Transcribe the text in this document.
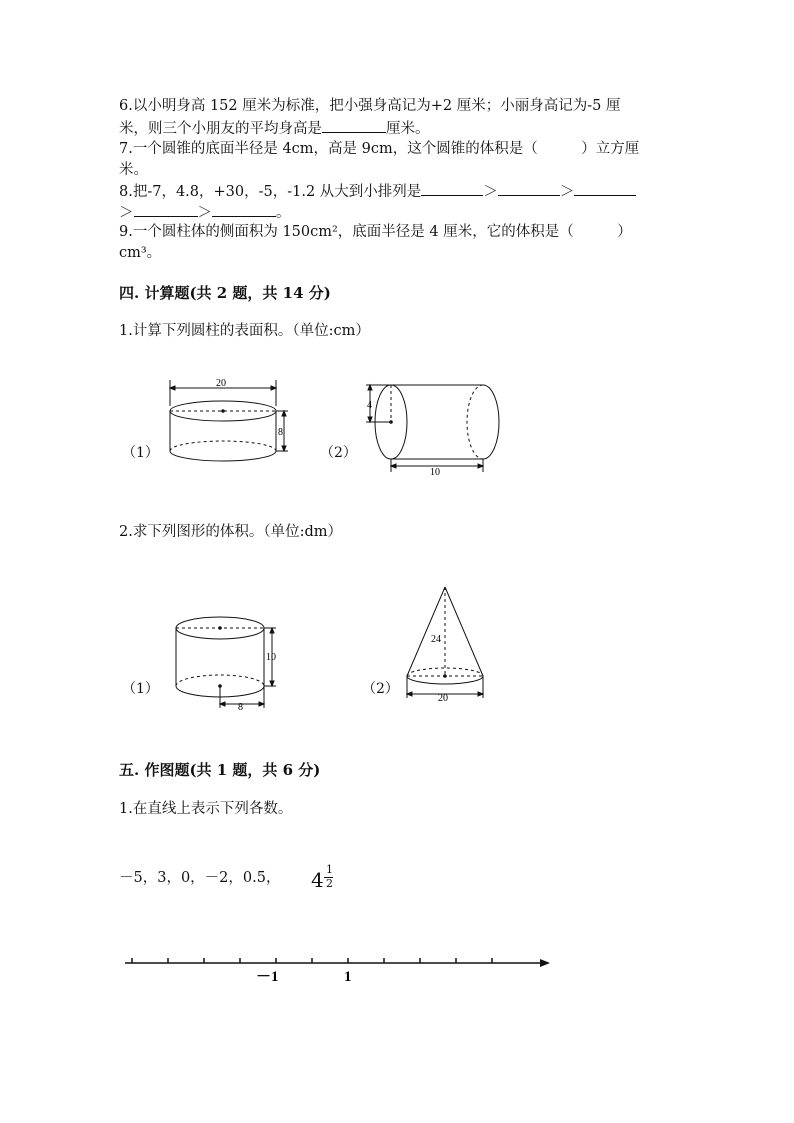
6.以小明身高 152 厘米为标准，把小强身高记为+2 厘米；小丽身高记为-5 厘
米，则三个小朋友的平均身高是	厘米。
7.一个圆锥的底面半径是 4cm，高是 9cm，这个圆锥的体积是（　　　）立方厘
米。
8.把-7，4.8，+30，-5，-1.2 从大到小排列是	＞	＞
＞	＞	。
9.一个圆柱体的侧面积为 150cm²，底面半径是 4 厘米，它的体积是（　　　）
cm³。
四. 计算题(共 2 题，共 14 分)
1.计算下列圆柱的表面积。（单位:cm）
（1）	（2）
20
8
4
10
2.求下列图形的体积。（单位:dm）
（1）	（2）
10
8
24
20
五. 作图题(共 1 题，共 6 分)
1.在直线上表示下列各数。
－5，3，0，－2，0.5， 4 1
2
－1	1
